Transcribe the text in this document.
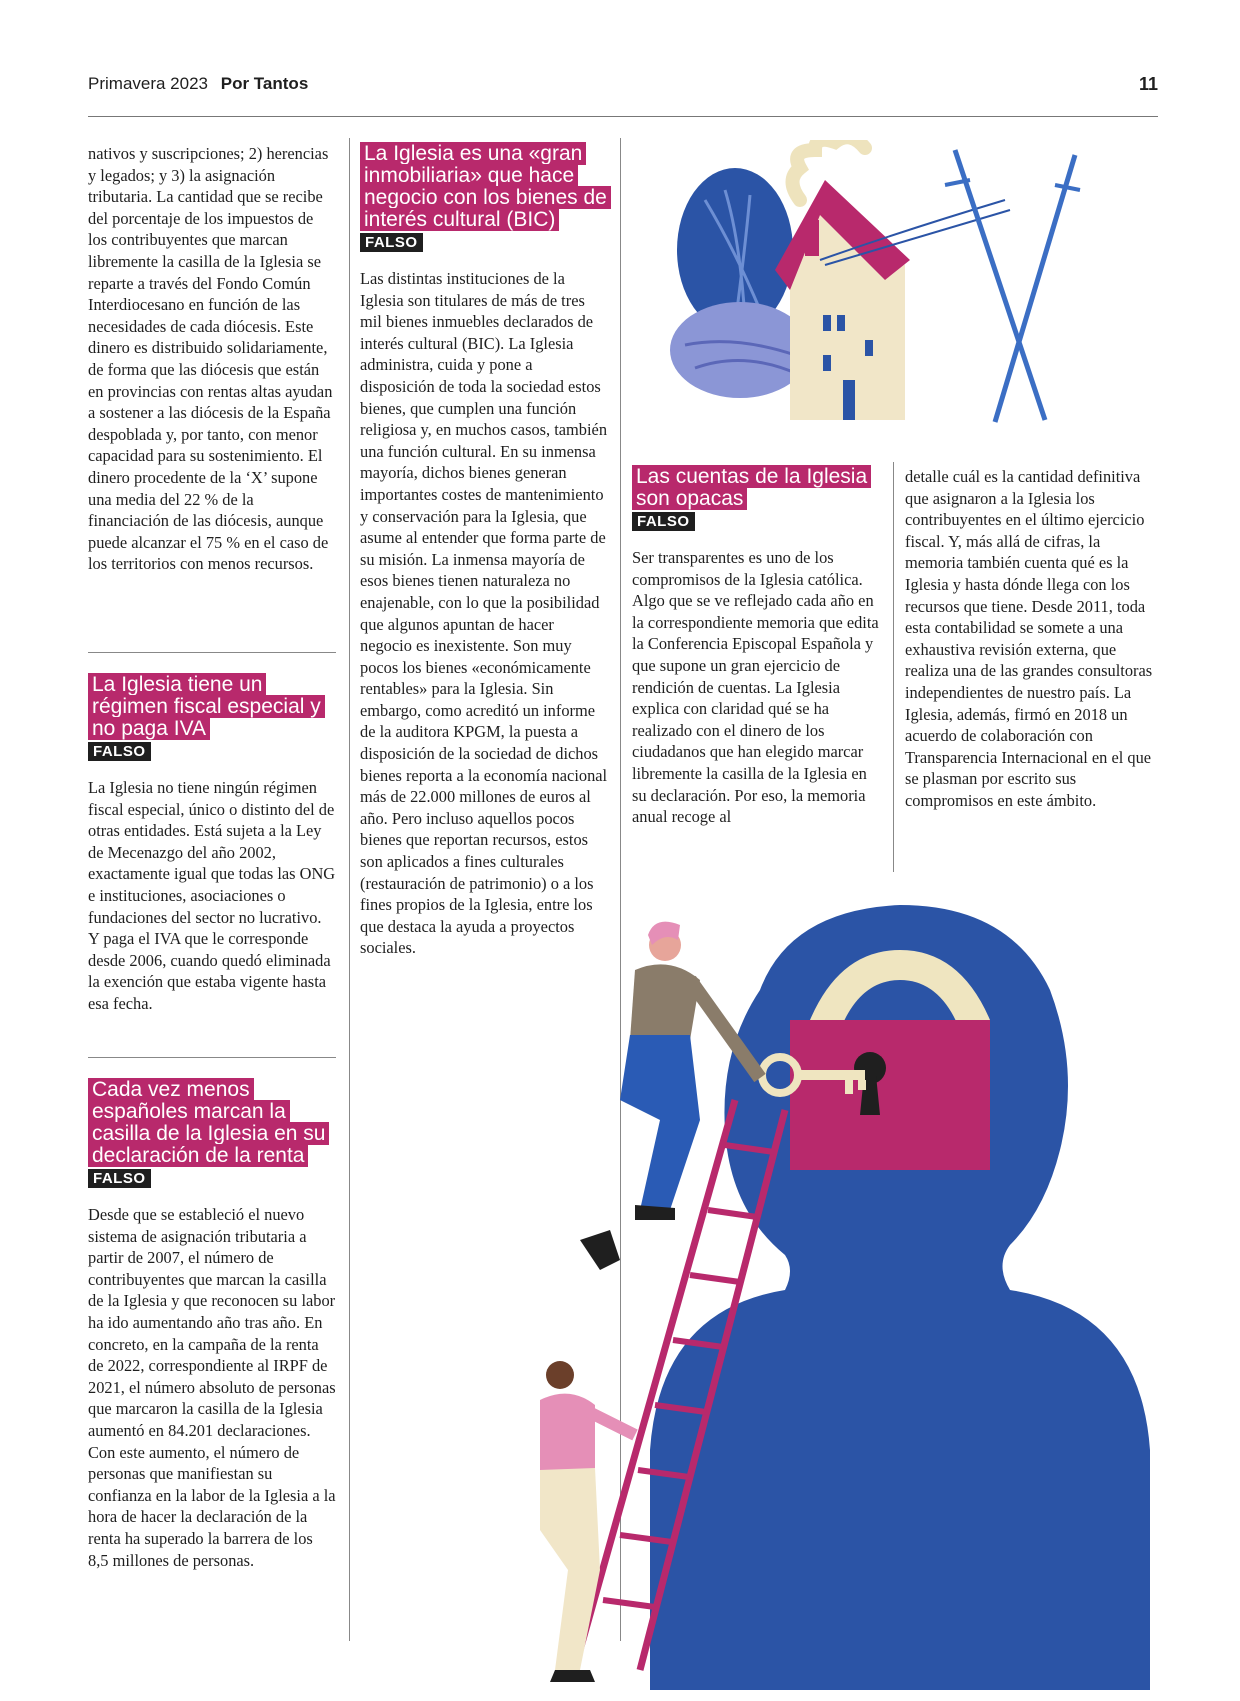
Primavera 2023 Por Tantos	11

nativos y suscripciones; 2) herencias y legados; y 3) la asignación tributaria. La cantidad que se recibe del porcentaje de los impuestos de los contribuyentes que marcan libremente la casilla de la Iglesia se reparte a través del Fondo Común Interdiocesano en función de las necesidades de cada diócesis. Este dinero es distribuido solidariamente, de forma que las diócesis que están en provincias con rentas altas ayudan a sostener a las diócesis de la España despoblada y, por tanto, con menor capacidad para su sostenimiento. El dinero procedente de la ‘X’ supone una media del 22 % de la financiación de las diócesis, aunque puede alcanzar el 75 % en el caso de los territorios con menos recursos.

La Iglesia tiene un régimen fiscal especial y no paga IVA
FALSO

La Iglesia no tiene ningún régimen fiscal especial, único o distinto del de otras entidades. Está sujeta a la Ley de Mecenazgo del año 2002, exactamente igual que todas las ONG e instituciones, asociaciones o fundaciones del sector no lucrativo. Y paga el IVA que le corresponde desde 2006, cuando quedó eliminada la exención que estaba vigente hasta esa fecha.

Cada vez menos españoles marcan la casilla de la Iglesia en su declaración de la renta
FALSO

Desde que se estableció el nuevo sistema de asignación tributaria a partir de 2007, el número de contribuyentes que marcan la casilla de la Iglesia y que reconocen su labor ha ido aumentando año tras año. En concreto, en la campaña de la renta de 2022, correspondiente al IRPF de 2021, el número absoluto de personas que marcaron la casilla de la Iglesia aumentó en 84.201 declaraciones. Con este aumento, el número de personas que manifiestan su confianza en la labor de la Iglesia a la hora de hacer la declaración de la renta ha superado la barrera de los 8,5 millones de personas.

La Iglesia es una «gran inmobiliaria» que hace negocio con los bienes de interés cultural (BIC)
FALSO

Las distintas instituciones de la Iglesia son titulares de más de tres mil bienes inmuebles declarados de interés cultural (BIC). La Iglesia administra, cuida y pone a disposición de toda la sociedad estos bienes, que cumplen una función religiosa y, en muchos casos, también una función cultural. En su inmensa mayoría, dichos bienes generan importantes costes de mantenimiento y conservación para la Iglesia, que asume al entender que forma parte de su misión. La inmensa mayoría de esos bienes tienen naturaleza no enajenable, con lo que la posibilidad que algunos apuntan de hacer negocio es inexistente. Son muy pocos los bienes «económicamente rentables» para la Iglesia. Sin embargo, como acreditó un informe de la auditora KPGM, la puesta a disposición de la sociedad de dichos bienes reporta a la economía nacional más de 22.000 millones de euros al año. Pero incluso aquellos pocos bienes que reportan recursos, estos son aplicados a fines culturales (restauración de patrimonio) o a los fines propios de la Iglesia, entre los que destaca la ayuda a proyectos sociales.

Las cuentas de la Iglesia son opacas
FALSO

Ser transparentes es uno de los compromisos de la Iglesia católica. Algo que se ve reflejado cada año en la correspondiente memoria que edita la Conferencia Episcopal Española y que supone un gran ejercicio de rendición de cuentas. La Iglesia explica con claridad qué se ha realizado con el dinero de los ciudadanos que han elegido marcar libremente la casilla de la Iglesia en su declaración. Por eso, la memoria anual recoge al

detalle cuál es la cantidad definitiva que asignaron a la Iglesia los contribuyentes en el último ejercicio fiscal. Y, más allá de cifras, la memoria también cuenta qué es la Iglesia y hasta dónde llega con los recursos que tiene. Desde 2011, toda esta contabilidad se somete a una exhaustiva revisión externa, que realiza una de las grandes consultoras independientes de nuestro país. La Iglesia, además, firmó en 2018 un acuerdo de colaboración con Transparencia Internacional en el que se plasman por escrito sus compromisos en este ámbito.
